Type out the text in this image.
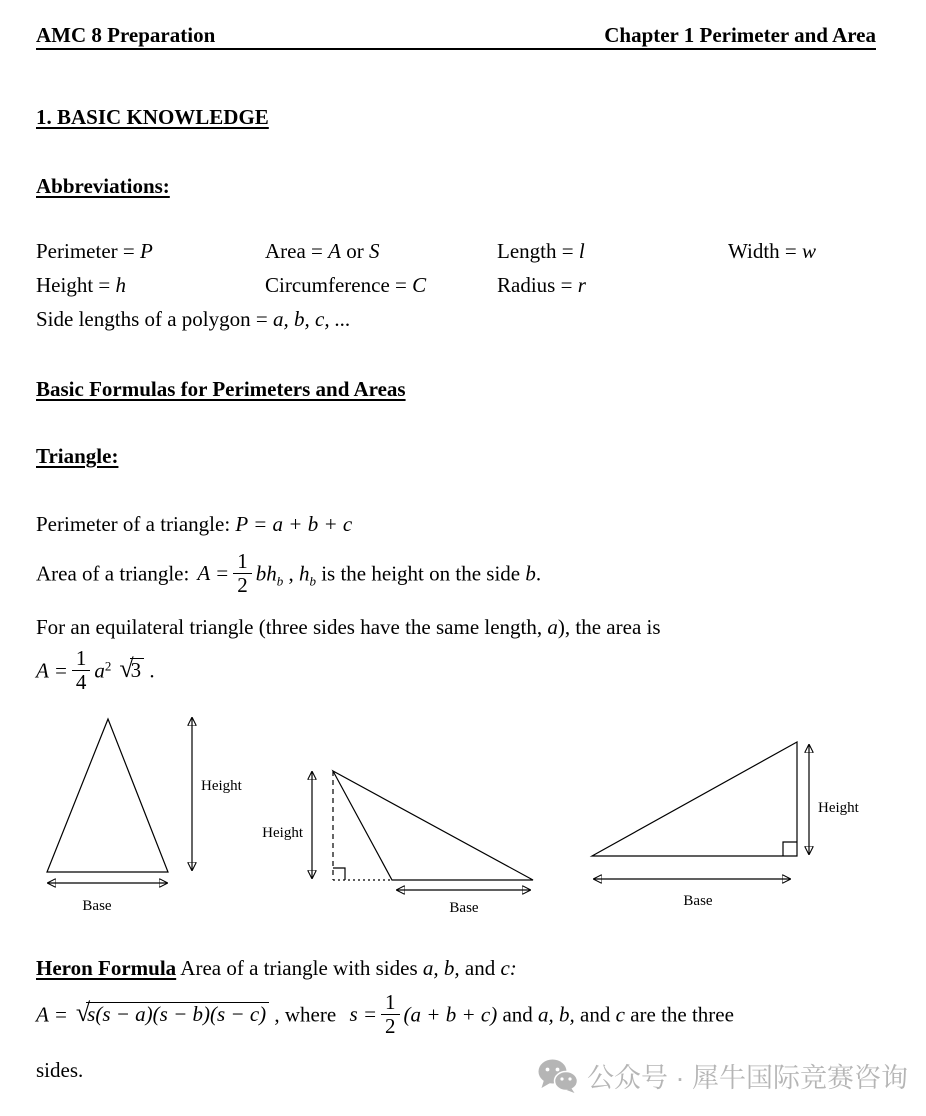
AMC 8 Preparation	Chapter 1 Perimeter and Area
1. BASIC KNOWLEDGE
Abbreviations:
Perimeter = P	Area = A or S	Length = l	Width = w
Height = h	Circumference = C	Radius = r
Side lengths of a polygon = a, b, c, ...
Basic Formulas for Perimeters and Areas
Triangle:
Perimeter of a triangle: P = a + b + c
Area of a triangle: $A = \frac{1}{2} bh_b$ , $h_b$ is the height on the side b.
For an equilateral triangle (three sides have the same length, a), the area is
$A = \frac{1}{4} a^2$ √3 .
Height
Base
Height
Base
Height
Base
Heron Formula Area of a triangle with sides a, b, and c:
A = √s(s − a)(s − b)(s − c) , where $s = \frac{1}{2} (a + b + c)$ and a, b, and c are the three
sides.	公众号 · 犀牛国际竞赛咨询
